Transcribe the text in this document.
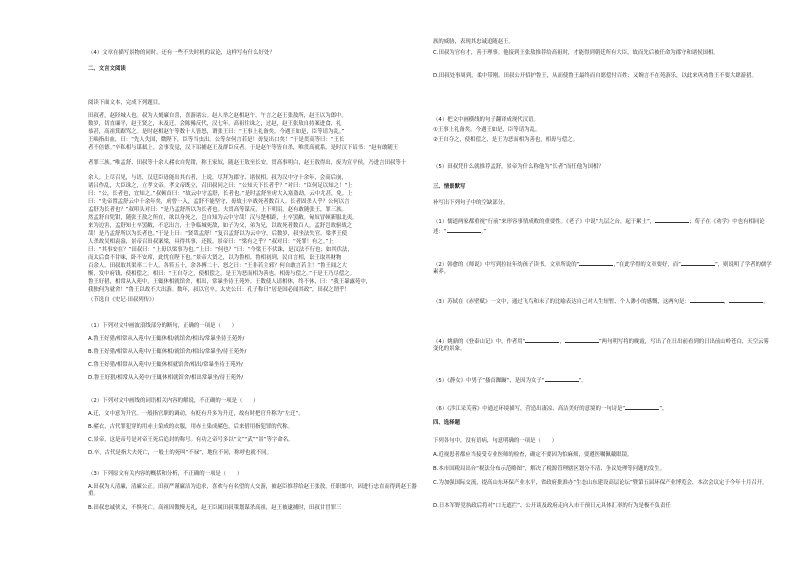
（4）文章在描写景物的同时，还有一些不失时机的议论，这样写有什么好处？
二、文言文阅读
阅读下面文本，完成下列题目。
田叔者，赵陉城人也。叔为人刻廉自喜，喜游诸公。赵人举之赵相赵午，午言之赵王张敖所，赵王以为郎中。
数岁，切直廉平，赵王贤之，未及迁。会陈豨反代，汉七年，高祖往诛之，过赵，赵王张敖自持案进食，礼
恭甚，高祖箕踞骂之。是时赵相赵午等数十人皆怒，谓张王曰：“王事上礼备矣，今遇王如是，臣等请为乱。”
王啮指出血，曰：“先人失国，微陛下，臣等当虫出。公等奈何言若是！毋复出口矣！”于是贯高等曰：“王长
者不倍德。”卒私相与谋弑上。会事发觉，汉下诏捕赵王及群臣反者。于是赵午等皆自杀，唯贯高就系。是时汉下诏书：“赵有敢随王
者罪三族。”唯孟舒、田叔等十余人赭衣自髡钳，称王家奴，随赵王敖至长安。贯高事明白，赵王敖得出，废为宣平侯，乃进言田叔等十
余人。上尽召见，与语，汉廷臣毋能出其右者，上说，尽拜为郡守、诸侯相。叔为汉中守十余年，会高后崩，
诸吕作乱，大臣诛之，立孝文帝。孝文帝既立，召田叔问之曰：“公知天下长者乎？”对曰：“臣何足以知之！”上
曰：“公，长者也，宜知之。”叔顿首曰：“故云中守孟舒，长者也。”是时孟舒坐虏大入塞盗劫，云中尤甚，免。上
曰：“先帝置孟舒云中十余年矣，虏曾一入，孟舒不能坚守，毋故士卒战死者数百人。长者固杀人乎？公何以言
孟舒为长者也？”叔叩头对曰：“是乃孟舒所以为长者也。夫贯高等谋反，上下明诏，赵有敢随张王，罪三族。
然孟舒自髡钳，随张王敖之所在，欲以身死之，岂自知为云中守哉！汉与楚相距，士卒罢敝。匈奴冒顿新服北夷，
来为边害，孟舒知士卒罢敝，不忍出言，士争临城死敌，如子为父，弟为兄，以故死者数百人。孟舒岂故驱战之
哉！是乃孟舒所以为长者也。”于是上曰：“贤哉孟舒！”复召孟舒以为云中守。后数岁，叔坐法失官。梁孝王使
人杀故吴相袁盎，景帝召田叔案梁，具得其事，还报。景帝曰：“梁有之乎？”叔对曰：“死罪！有之。”上
曰：“其事安在？”田叔曰：“上毋以梁事为也。”上曰：“何也？”曰：“今梁王不伏诛，是汉法不行也；如其伏法，
而太后食不甘味，卧不安席，此忧在陛下也。”景帝大贤之，以为鲁相。鲁相初到，民自言相，讼王取其财物
百余人。田叔取其渠率二十人，各笞五十，余各搏二十，怒之曰：“王非若主邪？何自敢言若主！”鲁王闻之大
惭，发中府钱，使相偿之。相曰：“王自夺之，使相偿之，是王为恶而相为善也。相毋与偿之。”于是王乃尽偿之。
鲁王好猎，相常从入苑中，王辄休相就馆舍，相出，常暴坐待王苑外。王数使人请相休，终不休，曰：“我王暴露苑中，
我独何为就舍！”鲁王以故不大出游。数年，叔以官卒。太史公曰：孔子称曰“居是国必闻其政”，田叔之谓乎！
（节选自《史记·田叔列传》）
（1）下列对文中画波浪线部分的断句，正确的一项是（　　）
A.鲁王好猎/相常从入苑中/王辄休相/就馆舍/相出/常暴坐待王苑外/
B.鲁王好猎/相常从入苑中/王辄休相/就馆舍/相出/常暴坐/待王苑外/
C.鲁王好猎/相常从入苑中/王辄休相就馆舍/相出/常暴坐待王苑外/
D.鲁王好猎/相常从入苑中/王辄休相就馆舍/相出常暴坐/待王苑外/
（2）下列对文中画线的词语相关内容的解说，不正确的一项是（　　）
A.迁，文中意为升官。一般指官职的调动，有贬有升多为升迁，故有时把官升称为“左迁”。
B.赭衣，古代罪犯穿的用赤土染成的衣服，用赤土染成赭色，后来借用指犯罪的代称。
C.景帝，这是帝号是对帝王死后追封的称号。有功之帝号多以“文”“武”“景”等字命名。
D.卒，古代是指大夫死亡，一般士的死叫“不禄”，地位不同，称呼也就不同。
（3）下列原文有关内容的概括和分析，不正确的一项是（　　）
A.田叔为人清廉，清廉公正。田叔严谨廉洁为追求，喜欢与有名望的人交游，被赵臣推荐给赵王张敖，任职郎中，因进行忠直而得到赵王器重。
B.田叔忠诚侠义，不惧死亡。高祖因傲慢无礼，赵王臣属田叔策划谋杀高祖，赵王被逮捕时，田叔甘冒罪三
族的威胁，表现其忠诚追随赵王。
C.田叔为官有才，善于理事。他接到王张敖推荐给高祖时，才能得到朝廷所有大臣，故而先后被任命为郡守和诸侯国相。
D.田叔处事周到，柔中带刚。田叔公开招护鲁王，从而使鲁王最终而自愿偿付百姓；又婉言不在苑游乐，以此来巩劝鲁王不要大肆游猎。
（4）把文中画横线的句子翻译成现代汉语。
①王事上礼备矣，今遇王如是，臣等请为乱。
②王自夺之，使相偿之，是王为恶而相为善也，相毋与偿之。
（5）田叔凭什么就推荐孟舒，景帝为什么称他为“长者”而任他为国相？
三、情景默写
补写出下列句子中的空缺部分。
（1）儒道两家都重视“行前”来形容事情成败的重要性。《老子》中说“九层之台，起于累土”，	；荀子在《劝学》中也有相同论述：“	。”
（2）韩愈的《师说》中写到拉扯年幼孩子读书。文章所说的“	，”在此学得的文章要好，而“	”，则说明了学者的儒学素养。
（3）苏轼在《赤壁赋》一文中，通过飞鸟和未了的比喻表达自己对人生短暂、个人渺小的感慨，这两句是：	，	。
（4）姚鼐的《登泰山记》中，作者用“	，	”两句明写将的晚霞，写出了在日出前看到的日出前山岭苍白，天空云雾变化的景象。
（5）《静女》中男子“搔首踟蹰”，是因为女子“	”。
（6）《涉江采芙蓉》中通过环境描写，营造出凄凉、高洁美好的意境的一句诗是“	”。
四、选择题
下列各句中，没有语病，句意明确的一项是（　　）
A.近视患者都应当接受专业医师的检查，确定不要因为怕麻烦，要遵医嘱佩戴眼镜。
B.本市国税局出台“税法分布示范略图”，解决了税源管理辖区划分不清、争议处理等问题的发生。
C.为加强国际交流，提高山东环保产业水平，省政府批准办“生态山东建设高层论坛”暨第五届环保产业博览会，本次会议定于今年十月召开。
D.日本军野党执政后将对“口无遮拦”、公开谈及政府走向入市干预日元具体汇率的行为是极不负责任
